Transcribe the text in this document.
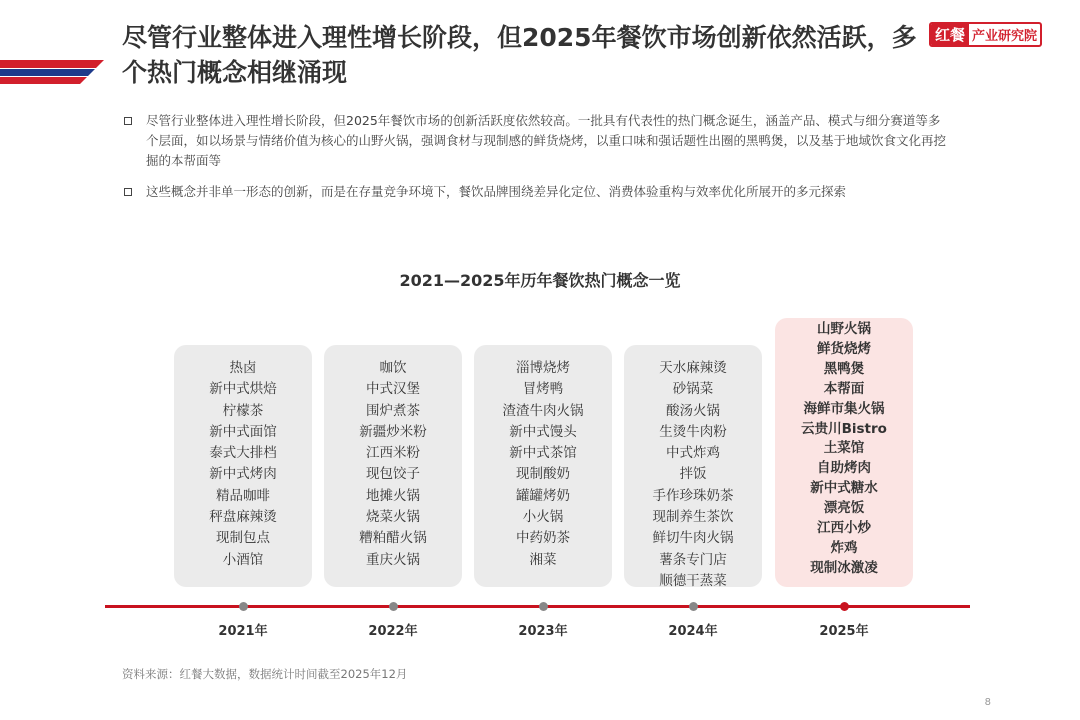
尽管行业整体进入理性增长阶段，但2025年餐饮市场创新依然活跃，多个热门概念相继涌现
红餐 产业研究院
尽管行业整体进入理性增长阶段，但2025年餐饮市场的创新活跃度依然较高。一批具有代表性的热门概念诞生，涵盖产品、模式与细分赛道等多个层面，如以场景与情绪价值为核心的山野火锅，强调食材与现制感的鲜货烧烤，以重口味和强话题性出圈的黑鸭煲，以及基于地域饮食文化再挖掘的本帮面等
这些概念并非单一形态的创新，而是在存量竞争环境下，餐饮品牌围绕差异化定位、消费体验重构与效率优化所展开的多元探索
2021—2025年历年餐饮热门概念一览
热卤
新中式烘焙
柠檬茶
新中式面馆
泰式大排档
新中式烤肉
精品咖啡
秤盘麻辣烫
现制包点
小酒馆
咖饮
中式汉堡
围炉煮茶
新疆炒米粉
江西米粉
现包饺子
地摊火锅
烧菜火锅
糟粕醋火锅
重庆火锅
淄博烧烤
冒烤鸭
渣渣牛肉火锅
新中式馒头
新中式茶馆
现制酸奶
罐罐烤奶
小火锅
中药奶茶
湘菜
天水麻辣烫
砂锅菜
酸汤火锅
生烫牛肉粉
中式炸鸡
拌饭
手作珍珠奶茶
现制养生茶饮
鲜切牛肉火锅
薯条专门店
顺德干蒸菜
山野火锅
鲜货烧烤
黑鸭煲
本帮面
海鲜市集火锅
云贵川Bistro
土菜馆
自助烤肉
新中式糖水
漂亮饭
江西小炒
炸鸡
现制冰激凌
2021年	2022年	2023年	2024年	2025年
资料来源：红餐大数据，数据统计时间截至2025年12月
8
